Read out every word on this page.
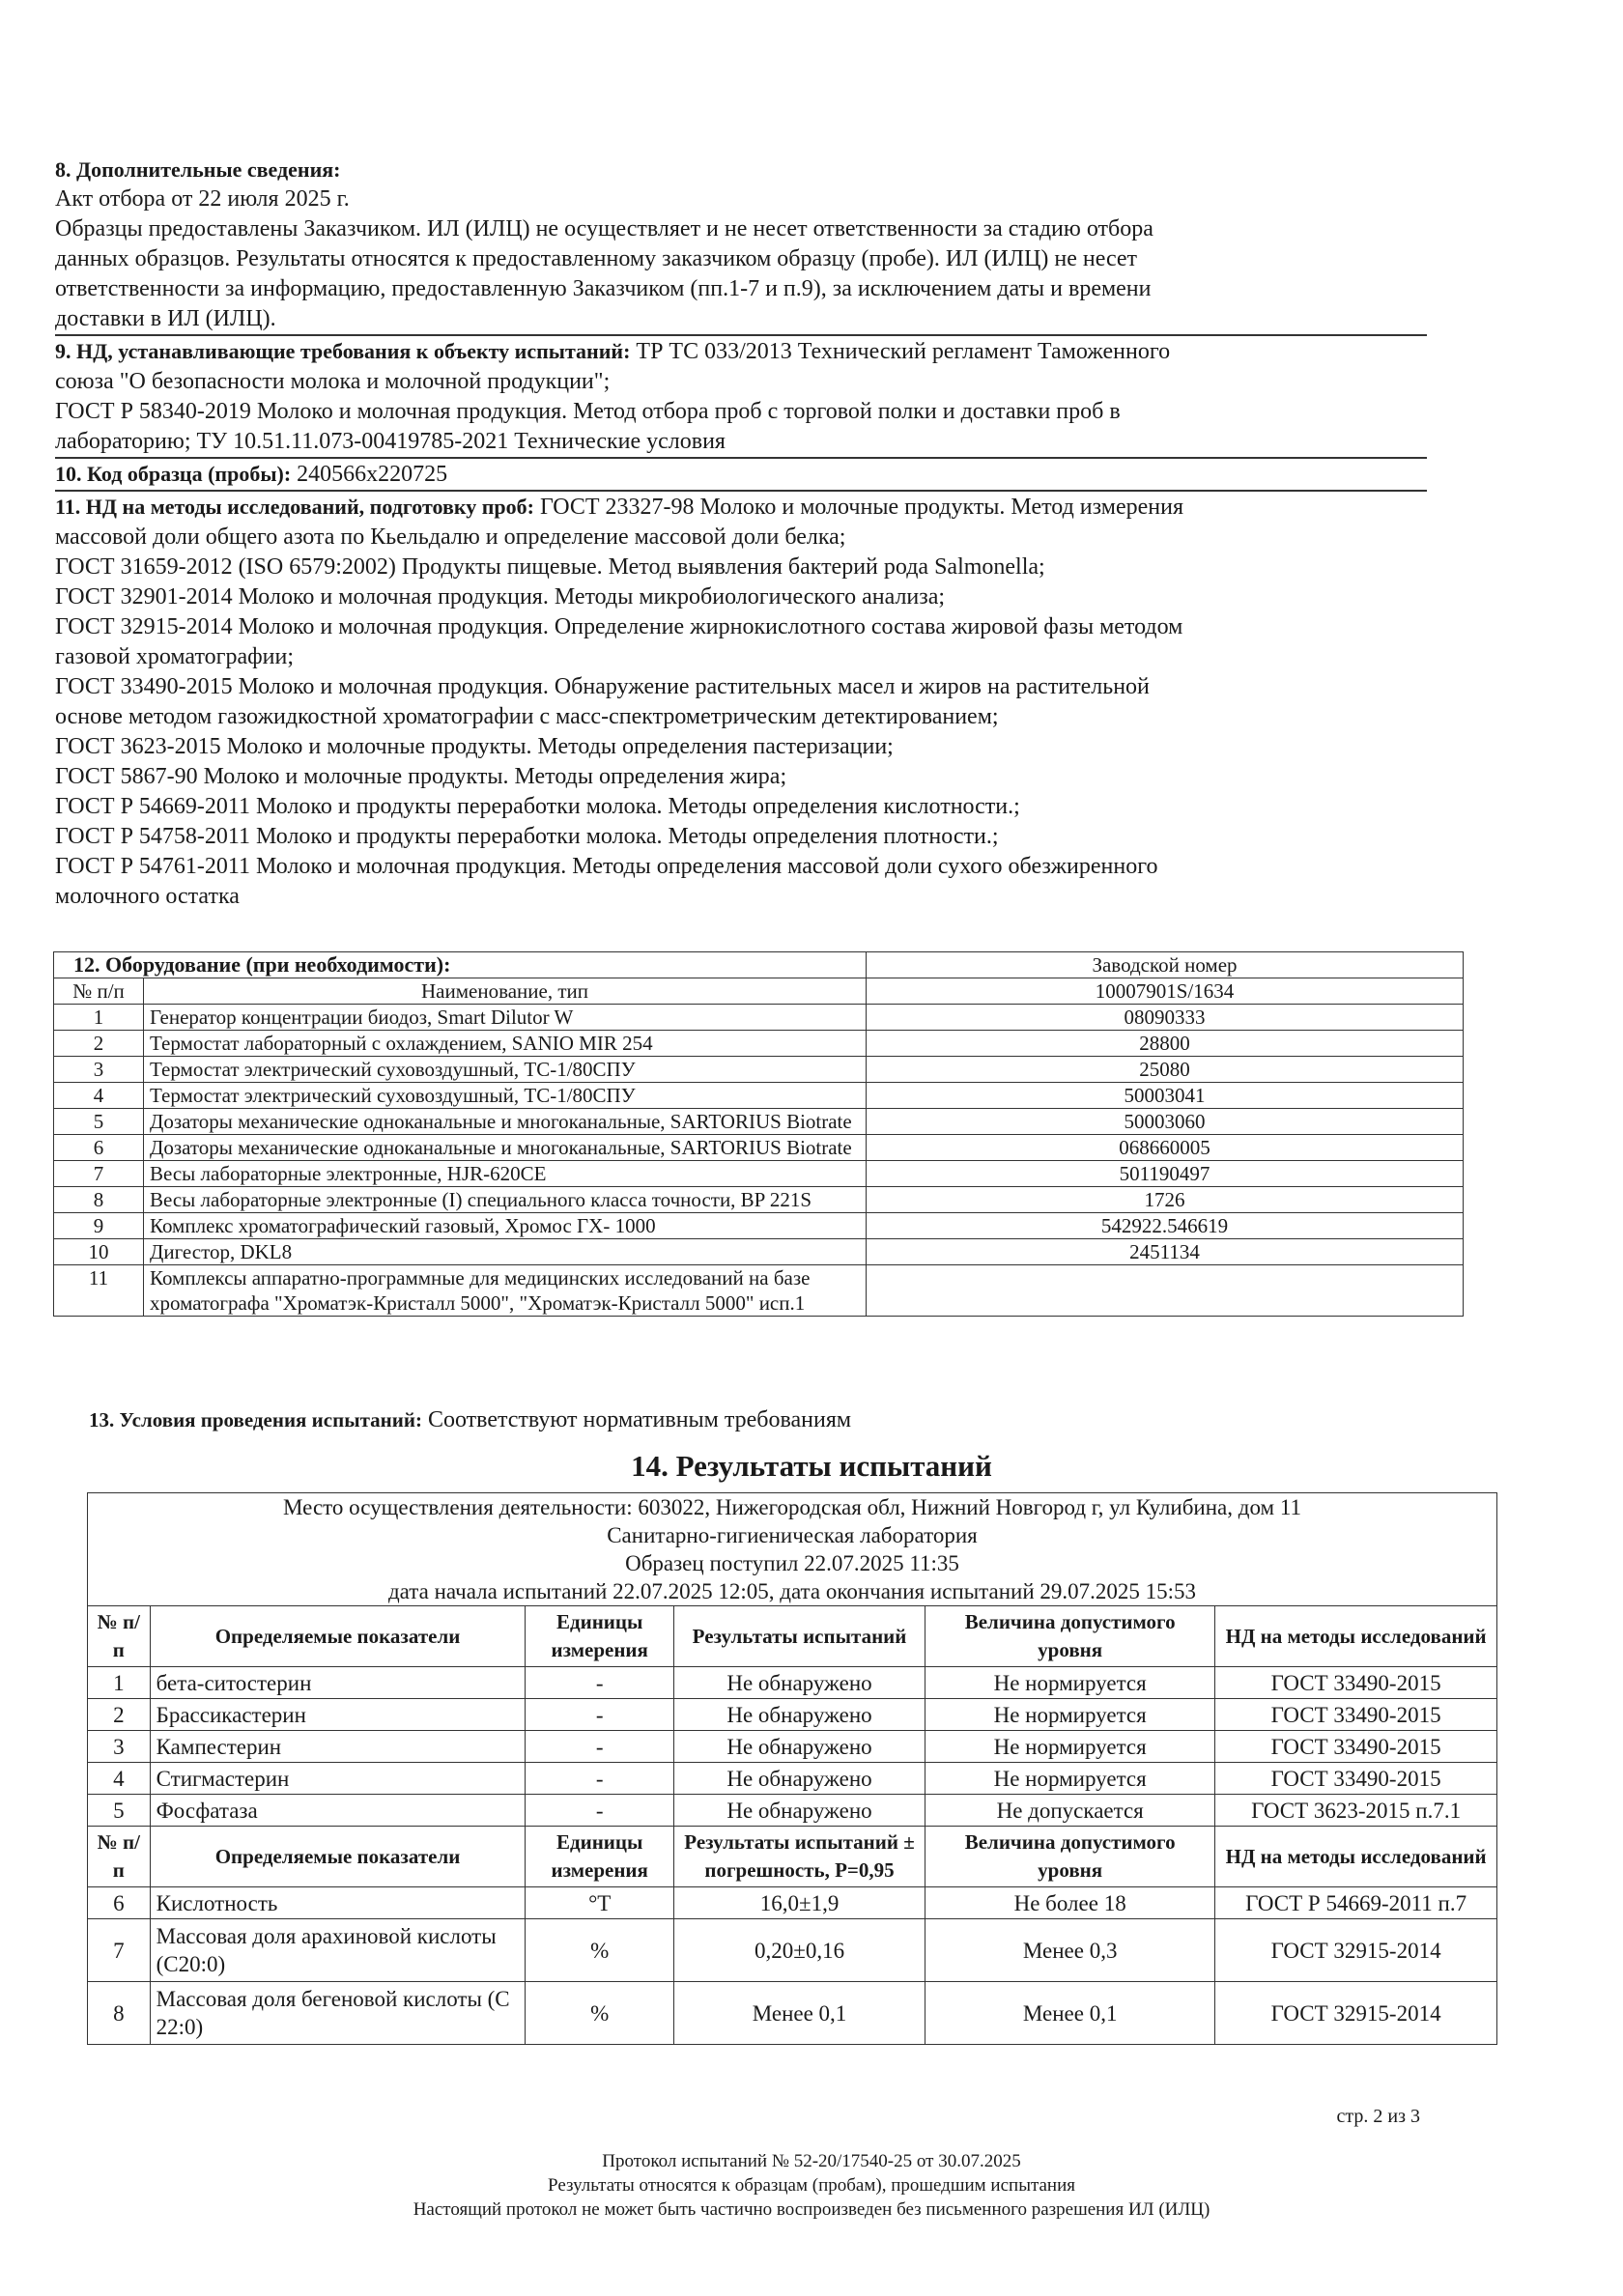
8. Дополнительные сведения:
Акт отбора от 22 июля 2025 г.
Образцы предоставлены Заказчиком. ИЛ (ИЛЦ) не осуществляет и не несет ответственности за стадию отбора
данных образцов. Результаты относятся к предоставленному заказчиком образцу (пробе). ИЛ (ИЛЦ) не несет
ответственности за информацию, предоставленную Заказчиком (пп.1-7 и п.9), за исключением даты и времени
доставки в ИЛ (ИЛЦ).
9. НД, устанавливающие требования к объекту испытаний: ТР ТС 033/2013 Технический регламент Таможенного
союза "О безопасности молока и молочной продукции";
ГОСТ Р 58340-2019 Молоко и молочная продукция. Метод отбора проб с торговой полки и доставки проб в
лабораторию; ТУ 10.51.11.073-00419785-2021 Технические условия
10. Код образца (пробы): 240566х220725
11. НД на методы исследований, подготовку проб: ГОСТ 23327-98 Молоко и молочные продукты. Метод измерения
массовой доли общего азота по Кьельдалю и определение массовой доли белка;
ГОСТ 31659-2012 (ISO 6579:2002) Продукты пищевые. Метод выявления бактерий рода Salmonella;
ГОСТ 32901-2014 Молоко и молочная продукция. Методы микробиологического анализа;
ГОСТ 32915-2014 Молоко и молочная продукция. Определение жирнокислотного состава жировой фазы методом
газовой хроматографии;
ГОСТ 33490-2015 Молоко и молочная продукция. Обнаружение растительных масел и жиров на растительной
основе методом газожидкостной хроматографии с масс-спектрометрическим детектированием;
ГОСТ 3623-2015 Молоко и молочные продукты. Методы определения пастеризации;
ГОСТ 5867-90 Молоко и молочные продукты. Методы определения жира;
ГОСТ Р 54669-2011 Молоко и продукты переработки молока. Методы определения кислотности.;
ГОСТ Р 54758-2011 Молоко и продукты переработки молока. Методы определения плотности.;
ГОСТ Р 54761-2011 Молоко и молочная продукция. Методы определения массовой доли сухого обезжиренного
молочного остатка
12. Оборудование (при необходимости):		Заводской номер
№ п/п	Наименование, тип	10007901S/1634
1	Генератор концентрации биодоз, Smart Dilutor W	08090333
2	Термостат лабораторный с охлаждением, SANIO MIR 254	28800
3	Термостат электрический суховоздушный, ТС-1/80СПУ	25080
4	Термостат электрический суховоздушный, ТС-1/80СПУ	50003041
5	Дозаторы механические одноканальные и многоканальные, SARTORIUS Biotrate	50003060
6	Дозаторы механические одноканальные и многоканальные, SARTORIUS Biotrate	068660005
7	Весы лабораторные электронные, HJR-620CE	501190497
8	Весы лабораторные электронные (I) специального класса точности, BP 221S	1726
9	Комплекс хроматографический газовый, Хромос ГХ- 1000	542922.546619
10	Дигестор, DKL8	2451134
11	Комплексы аппаратно-программные для медицинских исследований на базе хроматографа "Хроматэк-Кристалл 5000", "Хроматэк-Кристалл 5000" исп.1	
13. Условия проведения испытаний: Соответствуют нормативным требованиям
14. Результаты испытаний
Место осуществления деятельности: 603022, Нижегородская обл, Нижний Новгород г, ул Кулибина, дом 11
Санитарно-гигиеническая лаборатория
Образец поступил 22.07.2025 11:35
дата начала испытаний 22.07.2025 12:05, дата окончания испытаний 29.07.2025 15:53					

№ п/п	Определяемые показатели	Единицы измерения	Результаты испытаний	Величина допустимого уровня	НД на методы исследований
1	бета-ситостерин	-	Не обнаружено	Не нормируется	ГОСТ 33490-2015
2	Брассикастерин	-	Не обнаружено	Не нормируется	ГОСТ 33490-2015
3	Кампестерин	-	Не обнаружено	Не нормируется	ГОСТ 33490-2015
4	Стигмастерин	-	Не обнаружено	Не нормируется	ГОСТ 33490-2015
5	Фосфатаза	-	Не обнаружено	Не допускается	ГОСТ 3623-2015 п.7.1
№ п/п	Определяемые показатели	Единицы измерения	Результаты испытаний ± погрешность, P=0,95	Величина допустимого уровня	НД на методы исследований
6	Кислотность	°Т	16,0±1,9	Не более 18	ГОСТ Р 54669-2011 п.7
7	Массовая доля арахиновой кислоты (С20:0)	%	0,20±0,16	Менее 0,3	ГОСТ 32915-2014
8	Массовая доля бегеновой кислоты (С 22:0)	%	Менее 0,1	Менее 0,1	ГОСТ 32915-2014
стр. 2 из 3
Протокол испытаний № 52-20/17540-25 от 30.07.2025
Результаты относятся к образцам (пробам), прошедшим испытания
Настоящий протокол не может быть частично воспроизведен без письменного разрешения ИЛ (ИЛЦ)
